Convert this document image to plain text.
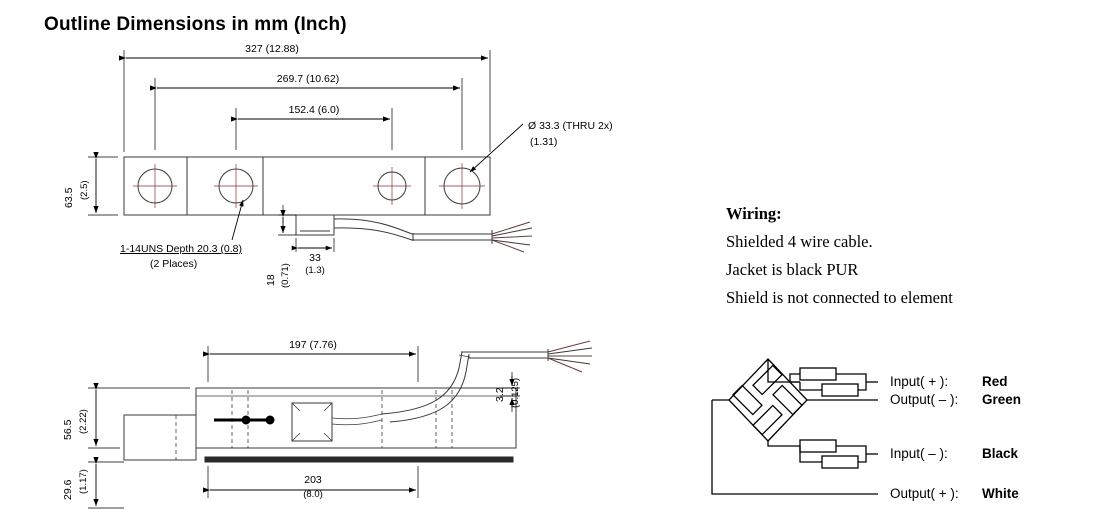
Outline Dimensions in mm (Inch)
327 (12.88)
269.7 (10.62)
152.4 (6.0)
63.5 (2.5)
Ø 33.3 (THRU 2x)
(1.31)
1-14UNS Depth 20.3 (0.8)
(2 Places)
18 (0.71)
33
(1.3)
197 (7.76)
203
(8.0)
56.5 (2.22)
29.6 (1.17)
3.2 (0.125)
Wiring:
Shielded 4 wire cable.
Jacket is black PUR
Shield is not connected to element
Input( + ):	Red
Output( – ): Green
Input( – ):	Black
Output( + ): White
